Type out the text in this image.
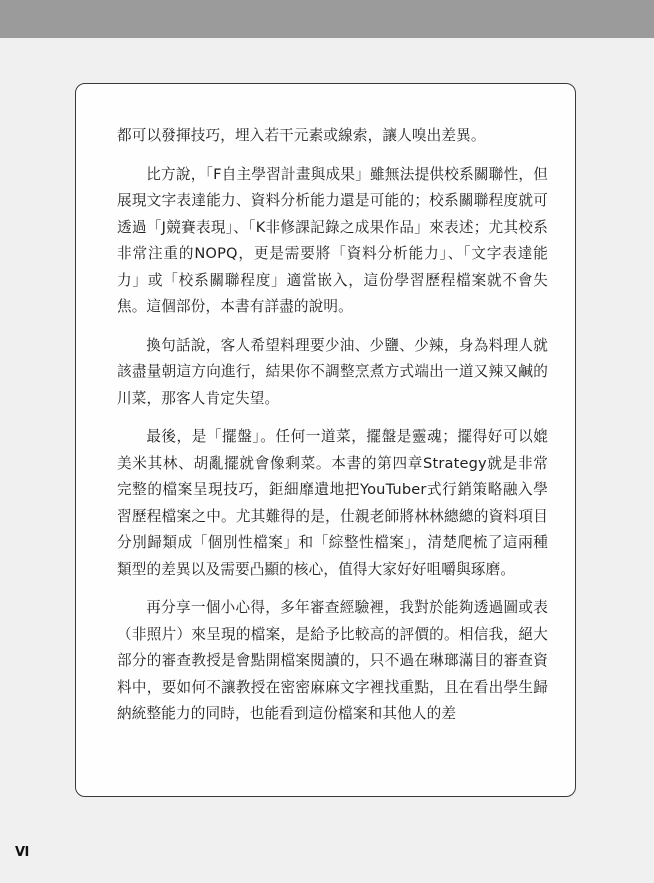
都可以發揮技巧，埋入若干元素或線索，讓人嗅出差異。

比方說，「F自主學習計畫與成果」雖無法提供校系關聯性，但展現文字表達能力、資料分析能力還是可能的；校系關聯程度就可透過「J競賽表現」、「K非修課記錄之成果作品」來表述；尤其校系非常注重的NOPQ，更是需要將「資料分析能力」、「文字表達能力」或「校系關聯程度」適當嵌入，這份學習歷程檔案就不會失焦。這個部份，本書有詳盡的說明。

換句話說，客人希望料理要少油、少鹽、少辣，身為料理人就該盡量朝這方向進行，結果你不調整烹煮方式端出一道又辣又鹹的川菜，那客人肯定失望。

最後，是「擺盤」。任何一道菜，擺盤是靈魂；擺得好可以媲美米其林、胡亂擺就會像剩菜。本書的第四章Strategy就是非常完整的檔案呈現技巧，鉅細靡遺地把YouTuber式行銷策略融入學習歷程檔案之中。尤其難得的是，仕親老師將林林總總的資料項目分別歸類成「個別性檔案」和「綜整性檔案」，清楚爬梳了這兩種類型的差異以及需要凸顯的核心，值得大家好好咀嚼與琢磨。

再分享一個小心得，多年審查經驗裡，我對於能夠透過圖或表（非照片）來呈現的檔案，是給予比較高的評價的。相信我，絕大部分的審查教授是會點開檔案閱讀的，只不過在琳瑯滿目的審查資料中，要如何不讓教授在密密麻麻文字裡找重點，且在看出學生歸納統整能力的同時，也能看到這份檔案和其他人的差

VI
